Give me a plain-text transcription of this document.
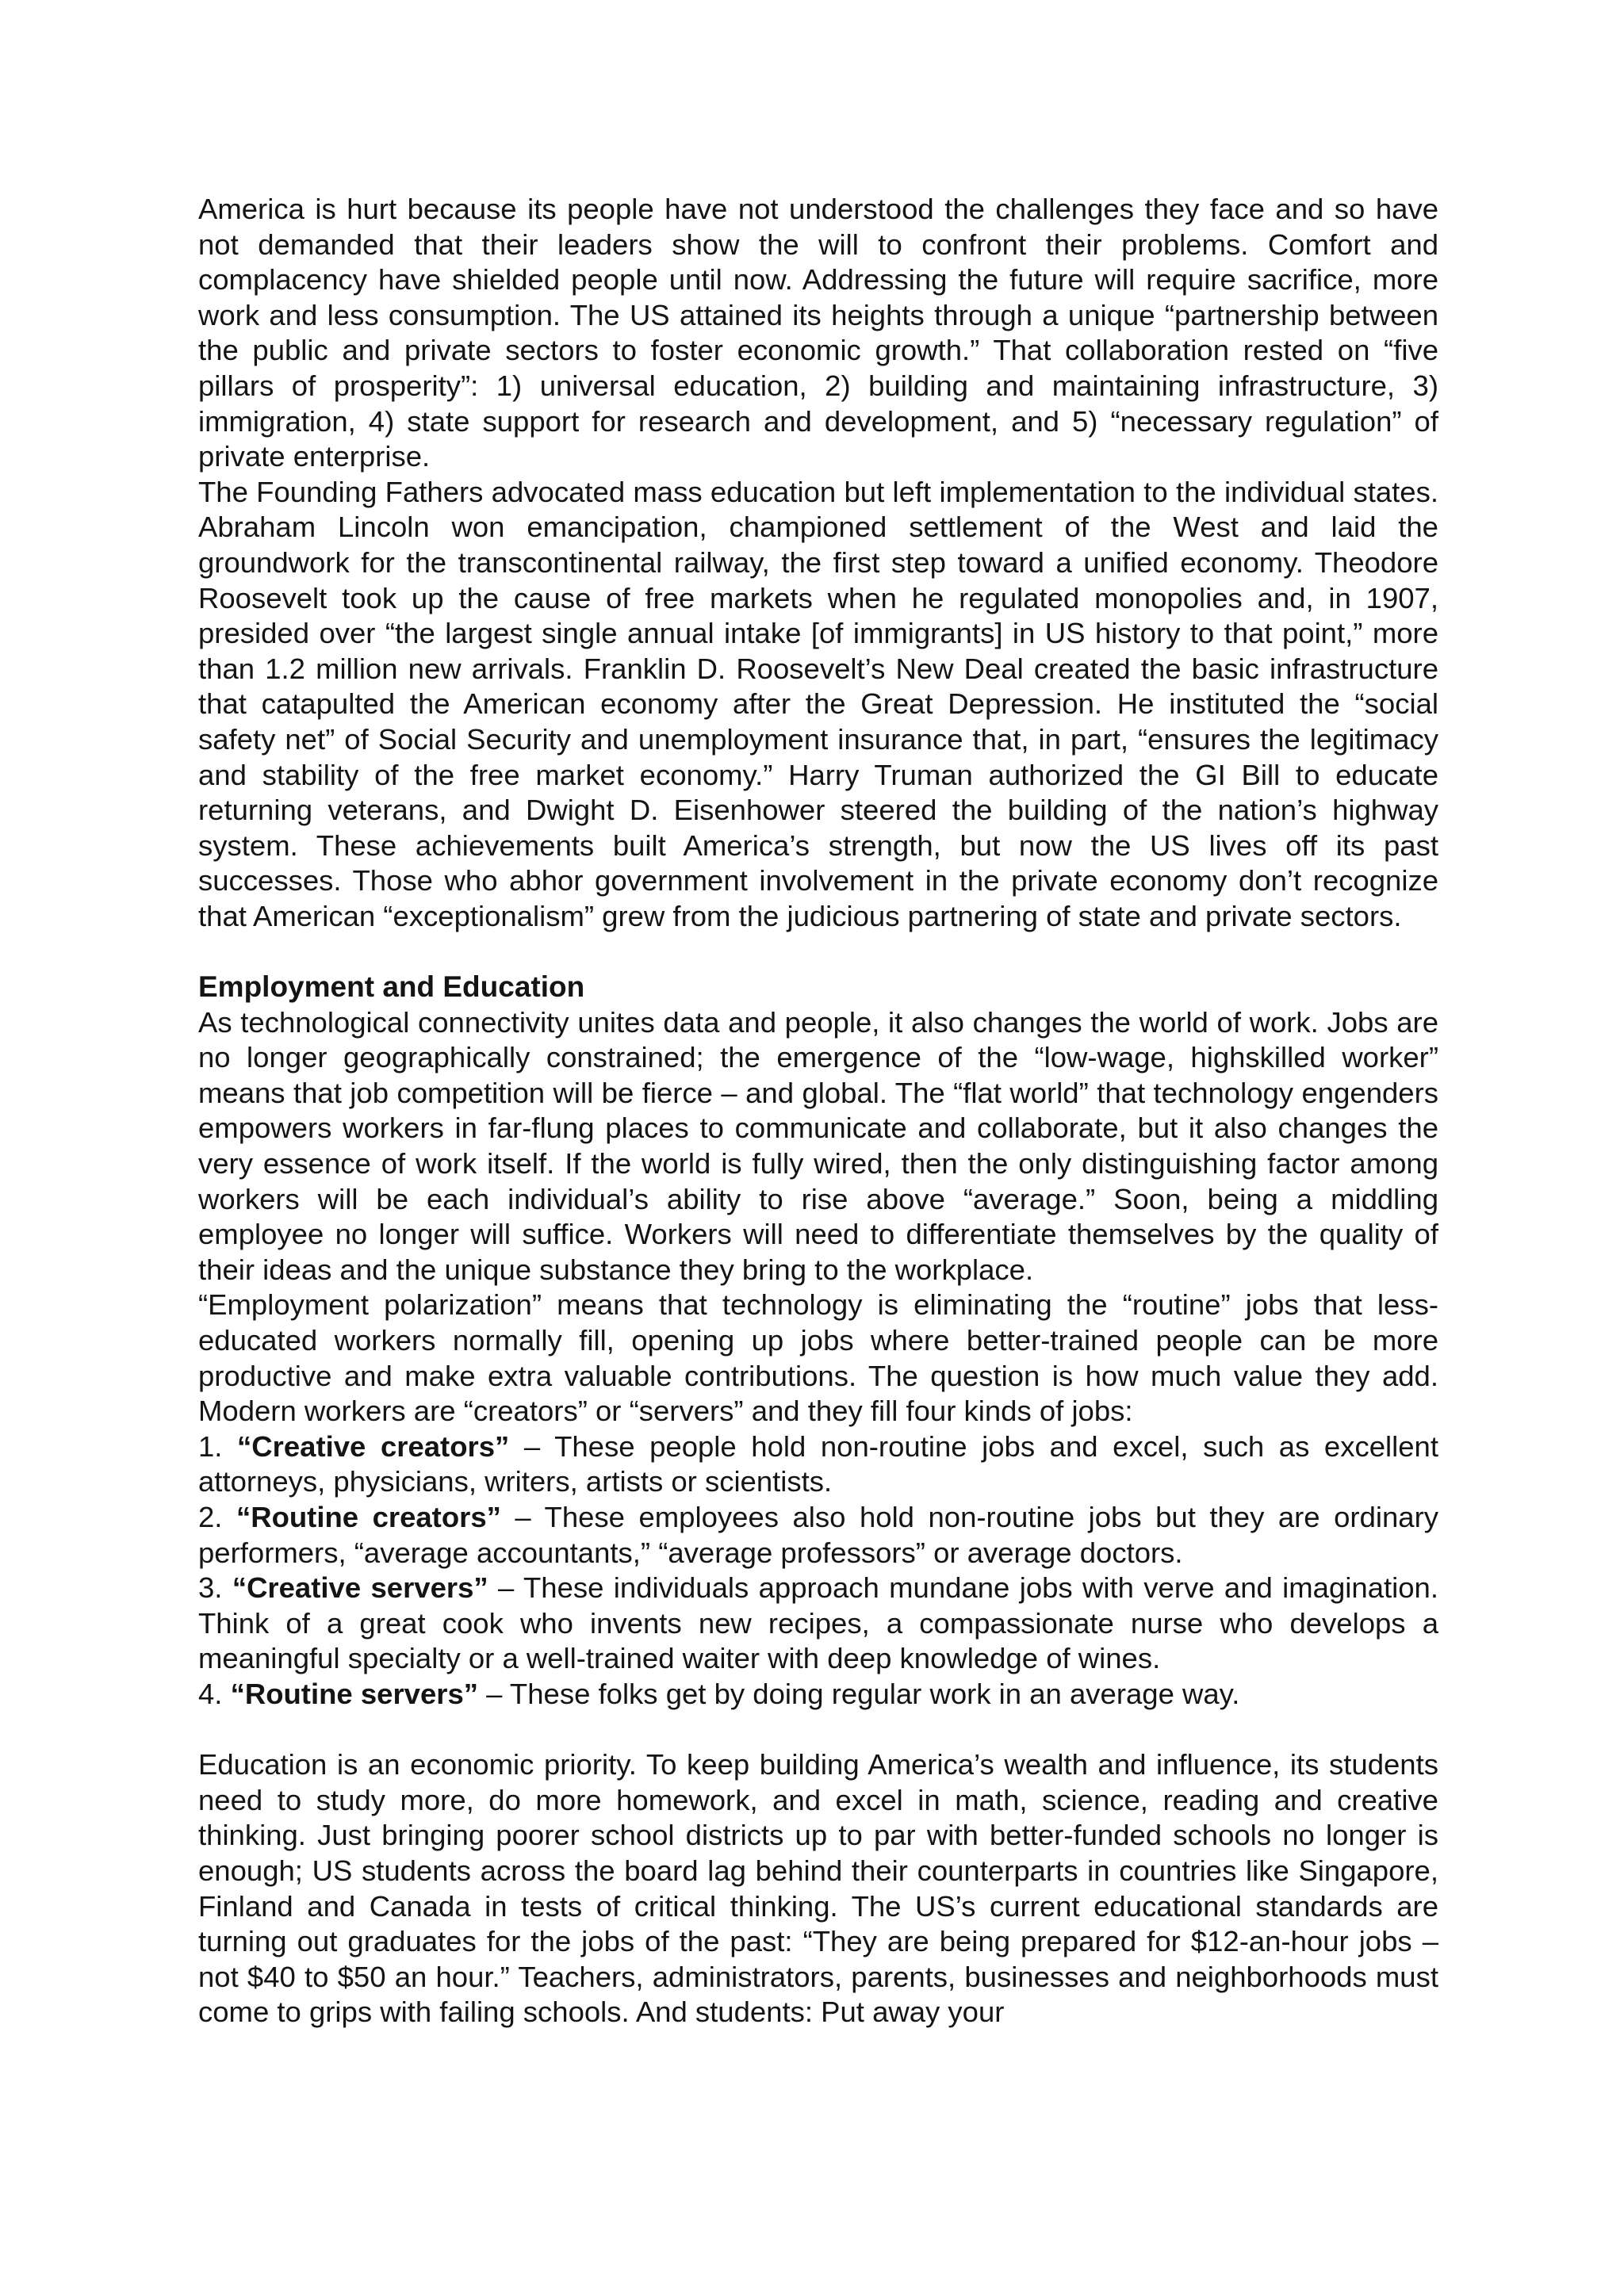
America is hurt because its people have not understood the challenges they face and so have not demanded that their leaders show the will to confront their problems. Comfort and complacency have shielded people until now. Addressing the future will require sacrifice, more work and less consumption. The US attained its heights through a unique “partnership between the public and private sectors to foster economic growth.” That collaboration rested on “five pillars of prosperity”: 1) universal education, 2) building and maintaining infrastructure, 3) immigration, 4) state support for research and development, and 5) “necessary regulation” of private enterprise.

The Founding Fathers advocated mass education but left implementation to the individual states. Abraham Lincoln won emancipation, championed settlement of the West and laid the groundwork for the transcontinental railway, the first step toward a unified economy. Theodore Roosevelt took up the cause of free markets when he regulated monopolies and, in 1907, presided over “the largest single annual intake [of immigrants] in US history to that point,” more than 1.2 million new arrivals. Franklin D. Roosevelt’s New Deal created the basic infrastructure that catapulted the American economy after the Great Depression. He instituted the “social safety net” of Social Security and unemployment insurance that, in part, “ensures the legitimacy and stability of the free market economy.” Harry Truman authorized the GI Bill to educate returning veterans, and Dwight D. Eisenhower steered the building of the nation’s highway system. These achievements built America’s strength, but now the US lives off its past successes. Those who abhor government involvement in the private economy don’t recognize that American “exceptionalism” grew from the judicious partnering of state and private sectors.

Employment and Education

As technological connectivity unites data and people, it also changes the world of work. Jobs are no longer geographically constrained; the emergence of the “low-wage, highskilled worker” means that job competition will be fierce – and global. The “flat world” that technology engenders empowers workers in far-flung places to communicate and collaborate, but it also changes the very essence of work itself. If the world is fully wired, then the only distinguishing factor among workers will be each individual’s ability to rise above “average.” Soon, being a middling employee no longer will suffice. Workers will need to differentiate themselves by the quality of their ideas and the unique substance they bring to the workplace.

“Employment polarization” means that technology is eliminating the “routine” jobs that less-educated workers normally fill, opening up jobs where better-trained people can be more productive and make extra valuable contributions. The question is how much value they add. Modern workers are “creators” or “servers” and they fill four kinds of jobs:

1. “Creative creators” – These people hold non-routine jobs and excel, such as excellent attorneys, physicians, writers, artists or scientists.

2. “Routine creators” – These employees also hold non-routine jobs but they are ordinary performers, “average accountants,” “average professors” or average doctors.

3. “Creative servers” – These individuals approach mundane jobs with verve and imagination. Think of a great cook who invents new recipes, a compassionate nurse who develops a meaningful specialty or a well-trained waiter with deep knowledge of wines.

4. “Routine servers” – These folks get by doing regular work in an average way.

Education is an economic priority. To keep building America’s wealth and influence, its students need to study more, do more homework, and excel in math, science, reading and creative thinking. Just bringing poorer school districts up to par with better-funded schools no longer is enough; US students across the board lag behind their counterparts in countries like Singapore, Finland and Canada in tests of critical thinking. The US’s current educational standards are turning out graduates for the jobs of the past: “They are being prepared for $12-an-hour jobs – not $40 to $50 an hour.” Teachers, administrators, parents, businesses and neighborhoods must come to grips with failing schools. And students: Put away your
